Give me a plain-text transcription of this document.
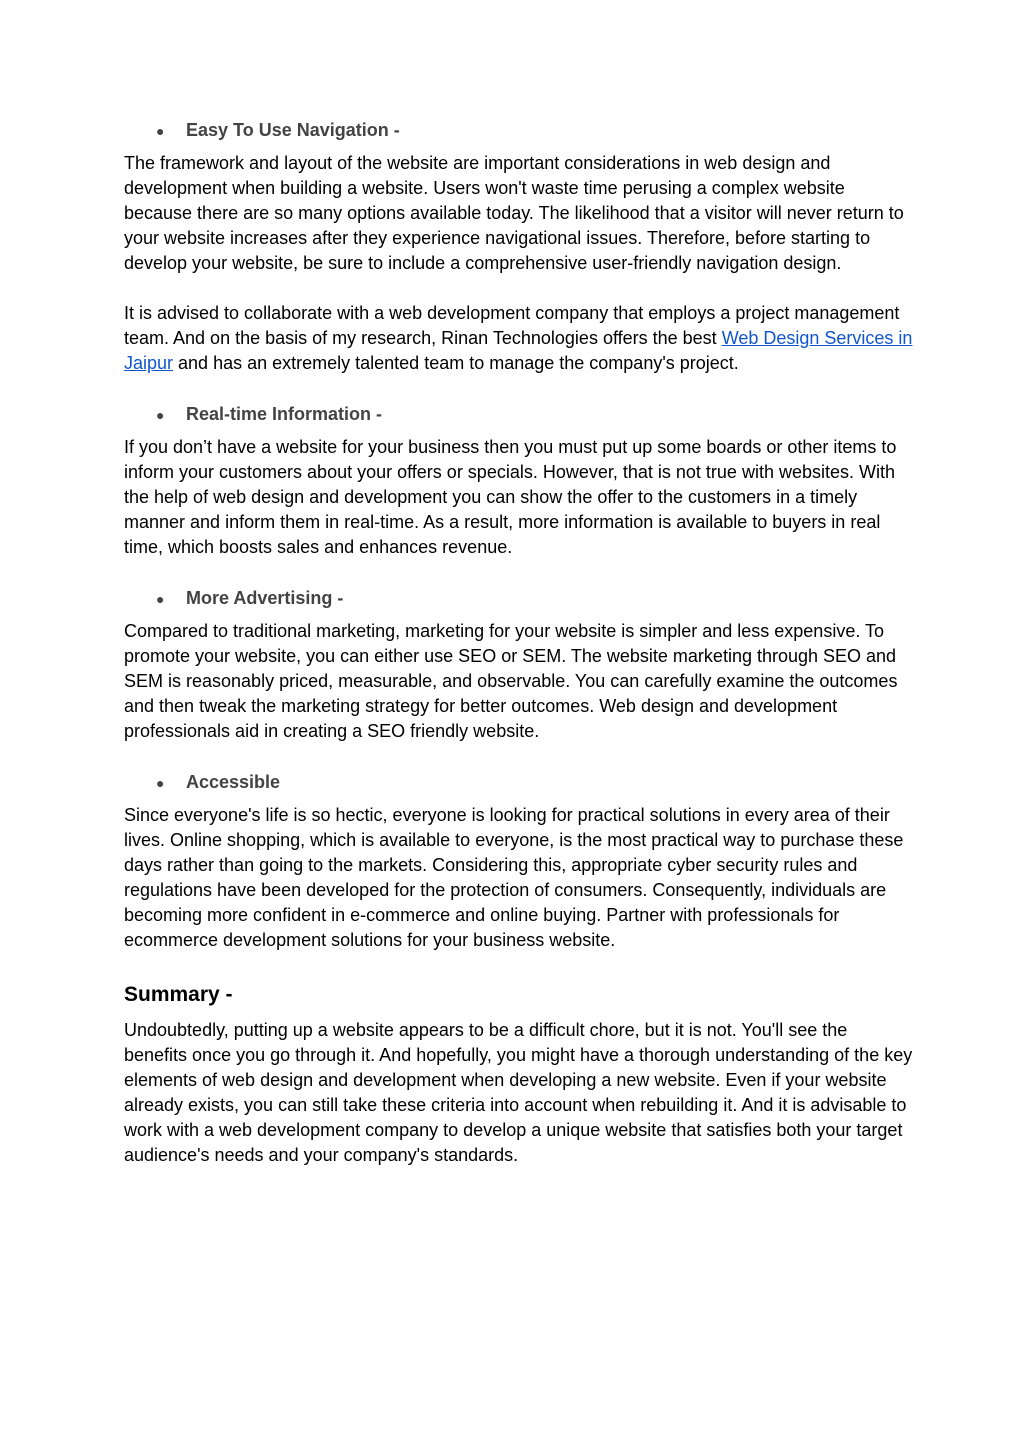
●	Easy To Use Navigation -

The framework and layout of the website are important considerations in web design and development when building a website. Users won't waste time perusing a complex website because there are so many options available today. The likelihood that a visitor will never return to your website increases after they experience navigational issues. Therefore, before starting to develop your website, be sure to include a comprehensive user-friendly navigation design.

It is advised to collaborate with a web development company that employs a project management team. And on the basis of my research, Rinan Technologies offers the best Web Design Services in Jaipur and has an extremely talented team to manage the company's project.

●	Real-time Information -

If you don’t have a website for your business then you must put up some boards or other items to inform your customers about your offers or specials. However, that is not true with websites. With the help of web design and development you can show the offer to the customers in a timely manner and inform them in real-time. As a result, more information is available to buyers in real time, which boosts sales and enhances revenue.

●	More Advertising -

Compared to traditional marketing, marketing for your website is simpler and less expensive. To promote your website, you can either use SEO or SEM. The website marketing through SEO and SEM is reasonably priced, measurable, and observable. You can carefully examine the outcomes and then tweak the marketing strategy for better outcomes. Web design and development professionals aid in creating a SEO friendly website.

●	Accessible

Since everyone's life is so hectic, everyone is looking for practical solutions in every area of their lives. Online shopping, which is available to everyone, is the most practical way to purchase these days rather than going to the markets. Considering this, appropriate cyber security rules and regulations have been developed for the protection of consumers. Consequently, individuals are becoming more confident in e-commerce and online buying. Partner with professionals for ecommerce development solutions for your business website.

Summary -

Undoubtedly, putting up a website appears to be a difficult chore, but it is not. You'll see the benefits once you go through it. And hopefully, you might have a thorough understanding of the key elements of web design and development when developing a new website. Even if your website already exists, you can still take these criteria into account when rebuilding it. And it is advisable to work with a web development company to develop a unique website that satisfies both your target audience's needs and your company's standards.
